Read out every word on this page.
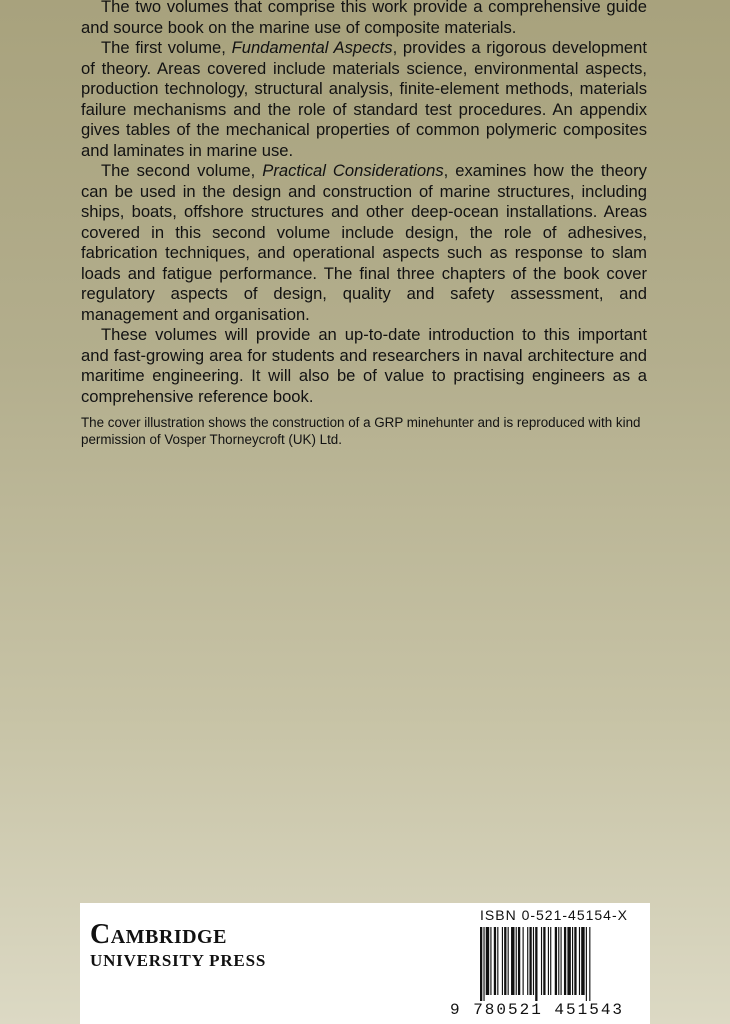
The two volumes that comprise this work provide a comprehensive guide and source book on the marine use of composite materials.

The first volume, Fundamental Aspects, provides a rigorous development of theory. Areas covered include materials science, environmental aspects, production technology, structural analysis, finite-element methods, materials failure mechanisms and the role of standard test procedures. An appendix gives tables of the mechanical properties of common polymeric composites and laminates in marine use.

The second volume, Practical Considerations, examines how the theory can be used in the design and construction of marine structures, including ships, boats, offshore structures and other deep-ocean installations. Areas covered in this second volume include design, the role of adhesives, fabrication techniques, and operational aspects such as response to slam loads and fatigue performance. The final three chapters of the book cover regulatory aspects of design, quality and safety assessment, and management and organisation.

These volumes will provide an up-to-date introduction to this important and fast-growing area for students and researchers in naval architecture and maritime engineering. It will also be of value to practising engineers as a comprehensive reference book.

The cover illustration shows the construction of a GRP minehunter and is reproduced with kind permission of Vosper Thorneycroft (UK) Ltd.

Cambridge
UNIVERSITY PRESS
ISBN 0-521-45154-X
9 780521 451543
